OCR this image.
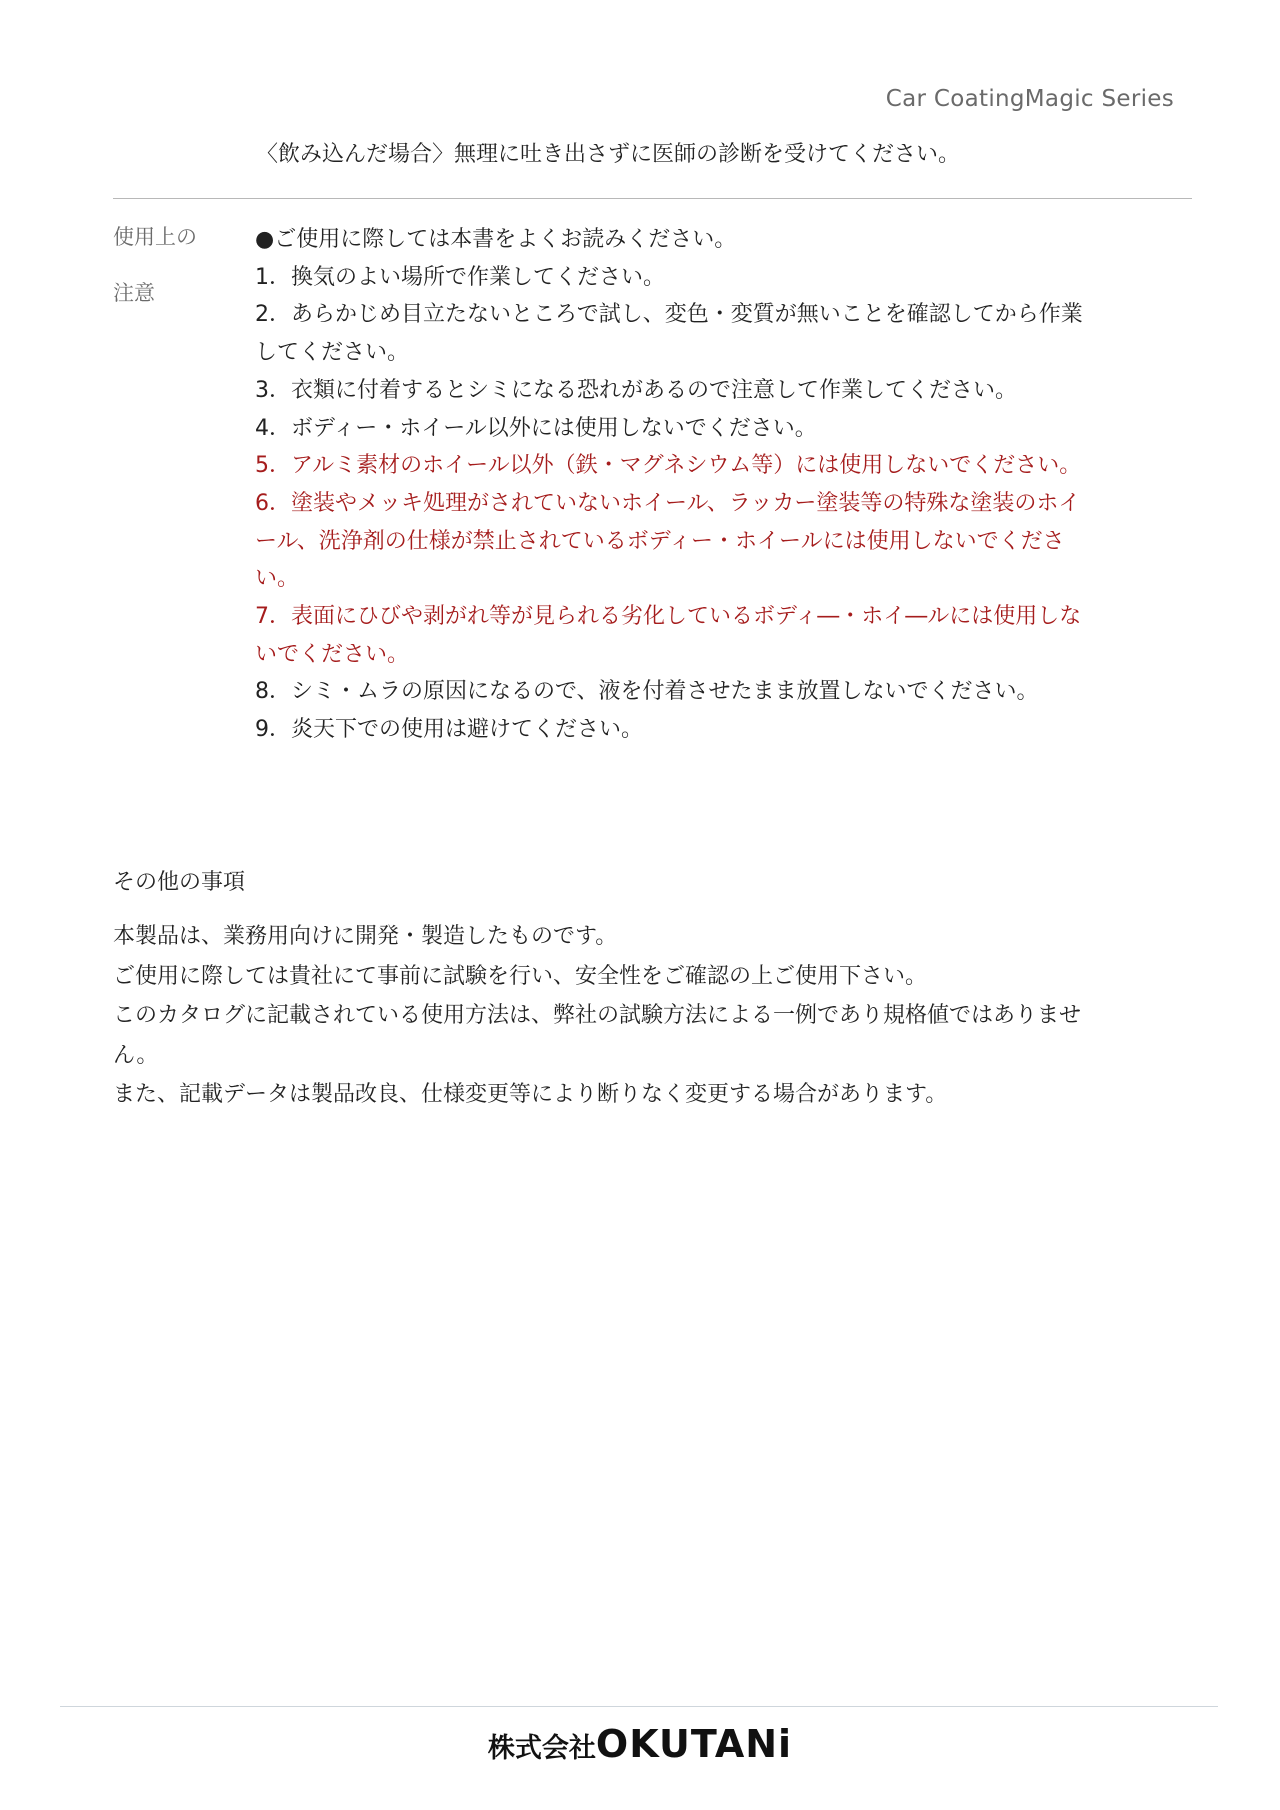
Car CoatingMagic Series
〈飲み込んだ場合〉無理に吐き出さずに医師の診断を受けてください。
使用上の
注意
●ご使用に際しては本書をよくお読みください。
1．換気のよい場所で作業してください。
2．あらかじめ目立たないところで試し、変色・変質が無いことを確認してから作業
してください。
3．衣類に付着するとシミになる恐れがあるので注意して作業してください。
4．ボディー・ホイール以外には使用しないでください。
5．アルミ素材のホイール以外（鉄・マグネシウム等）には使用しないでください。
6．塗装やメッキ処理がされていないホイール、ラッカー塗装等の特殊な塗装のホイ
ール、洗浄剤の仕様が禁止されているボディー・ホイールには使用しないでくださ
い。
7．表面にひびや剥がれ等が見られる劣化しているボディ―・ホイ―ルには使用しな
いでください。
8．シミ・ムラの原因になるので、液を付着させたまま放置しないでください。
9．炎天下での使用は避けてください。
その他の事項
本製品は、業務用向けに開発・製造したものです。
ご使用に際しては貴社にて事前に試験を行い、安全性をご確認の上ご使用下さい。
このカタログに記載されている使用方法は、弊社の試験方法による一例であり規格値ではありませ
ん。
また、記載データは製品改良、仕様変更等により断りなく変更する場合があります。
株式会社OKUTANi
